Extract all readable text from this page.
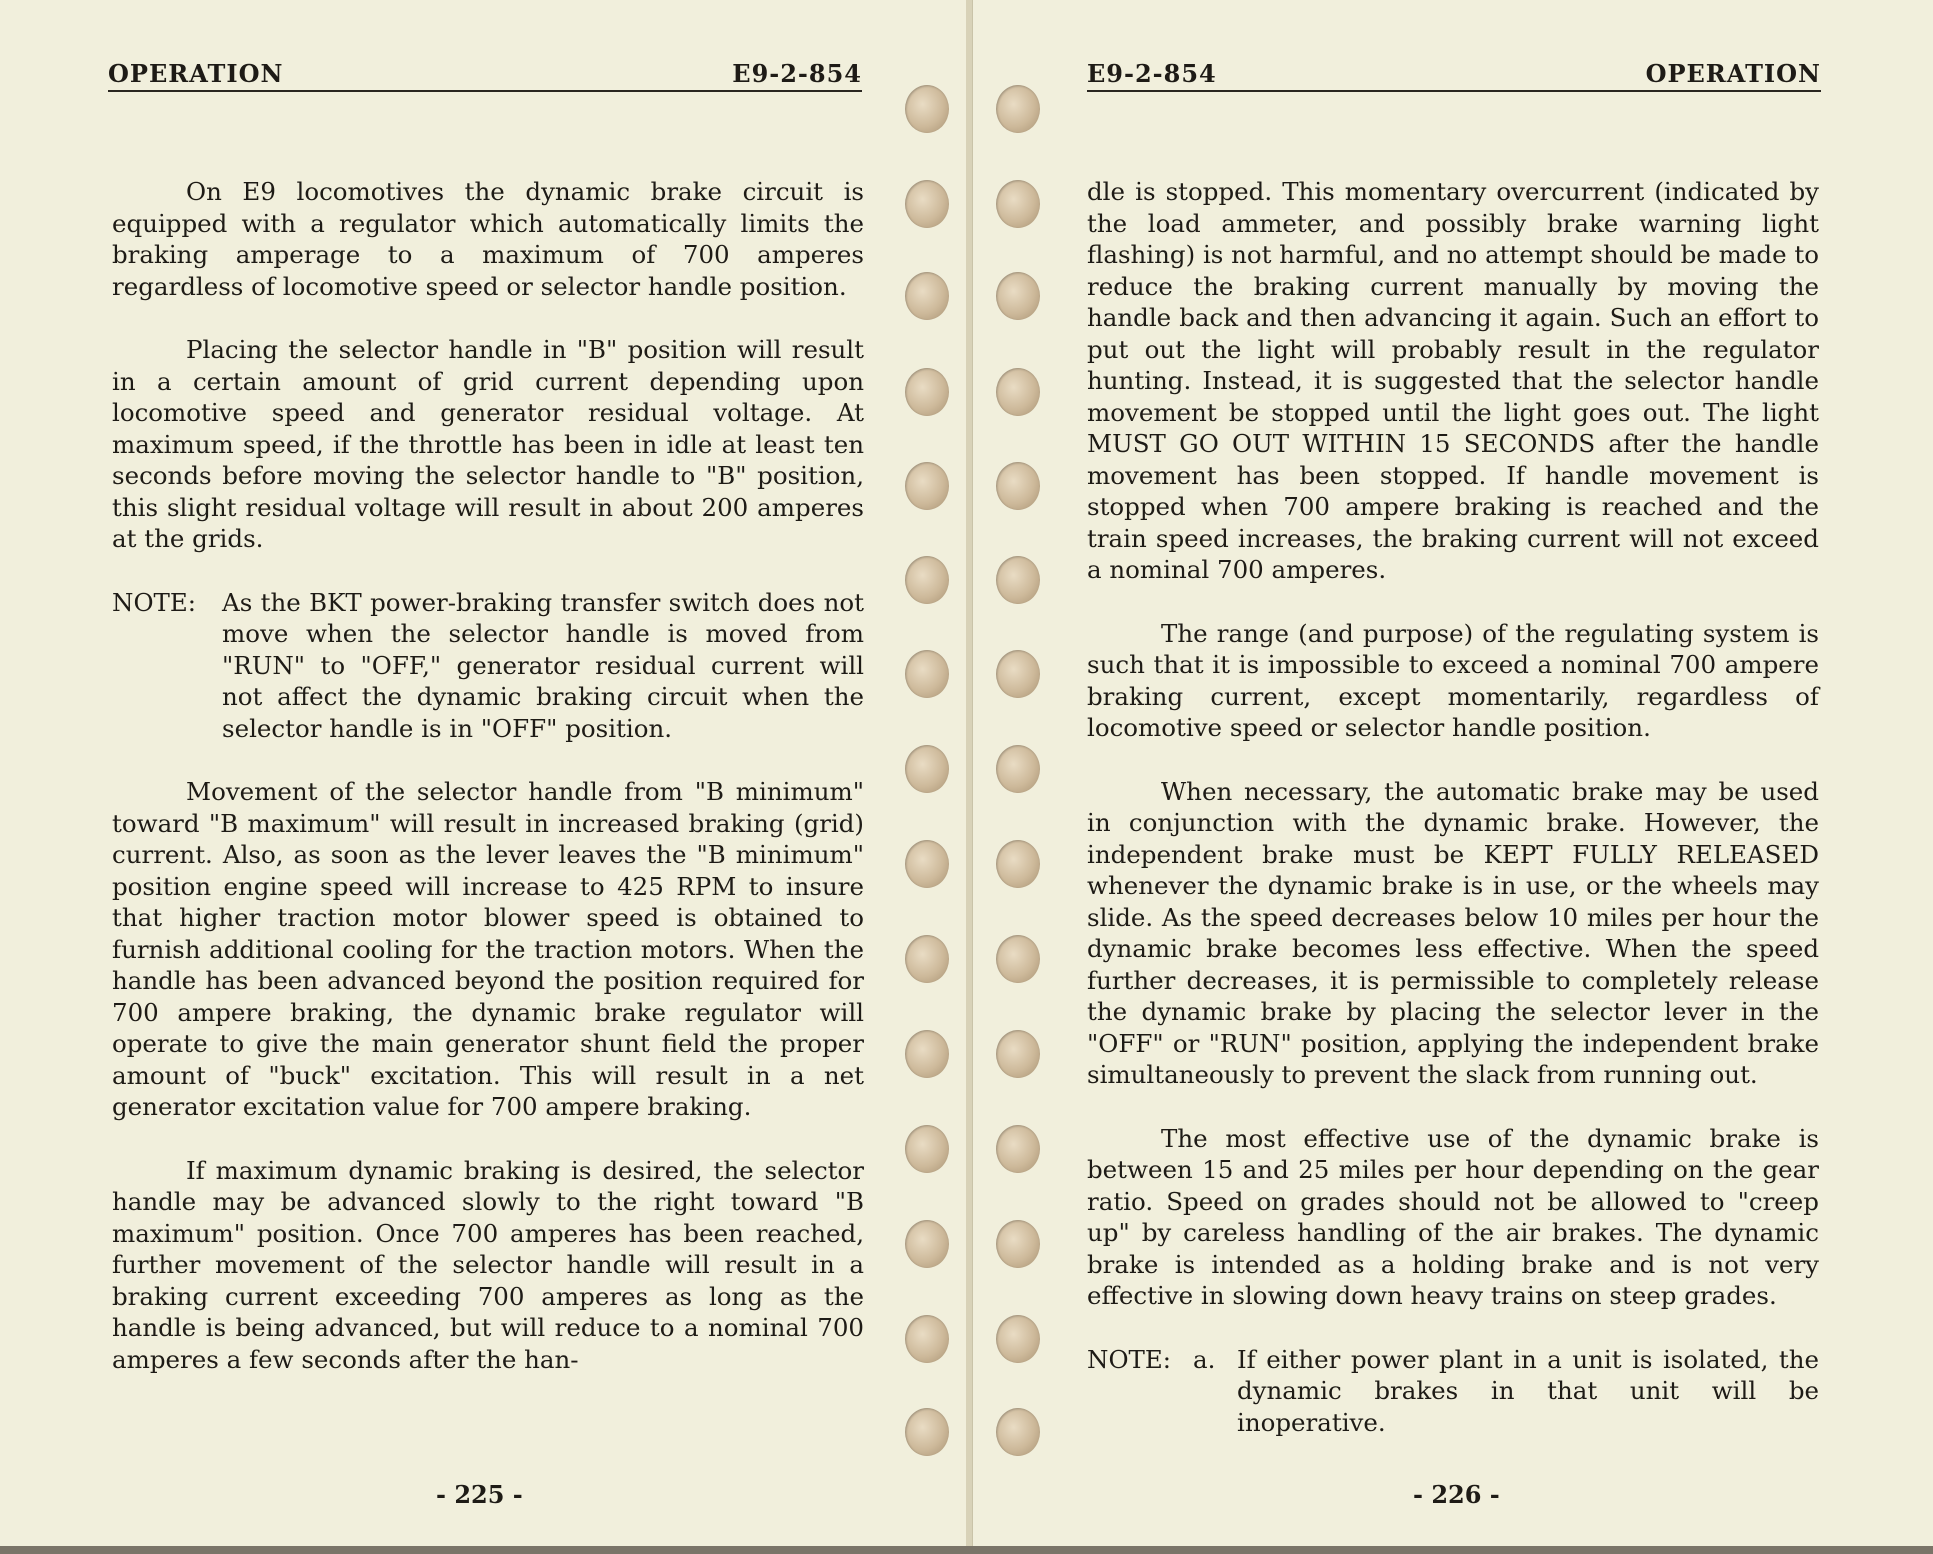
OPERATION	E9-2-854

On E9 locomotives the dynamic brake circuit is equipped with a regulator which automatically limits the braking amperage to a maximum of 700 amperes regardless of locomotive speed or selector handle position.

Placing the selector handle in "B" position will result in a certain amount of grid current depending upon locomotive speed and generator residual voltage. At maximum speed, if the throttle has been in idle at least ten seconds before moving the selector handle to "B" position, this slight residual voltage will result in about 200 amperes at the grids.

NOTE:	As the BKT power-braking transfer switch does not move when the selector handle is moved from "RUN" to "OFF," generator residual current will not affect the dynamic braking circuit when the selector handle is in "OFF" position.

Movement of the selector handle from "B minimum" toward "B maximum" will result in increased braking (grid) current. Also, as soon as the lever leaves the "B minimum" position engine speed will increase to 425 RPM to insure that higher traction motor blower speed is obtained to furnish additional cooling for the traction motors. When the handle has been advanced beyond the position required for 700 ampere braking, the dynamic brake regulator will operate to give the main generator shunt field the proper amount of "buck" excitation. This will result in a net generator excitation value for 700 ampere braking.

If maximum dynamic braking is desired, the selector handle may be advanced slowly to the right toward "B maximum" position. Once 700 amperes has been reached, further movement of the selector handle will result in a braking current exceeding 700 amperes as long as the handle is being advanced, but will reduce to a nominal 700 amperes a few seconds after the han-

- 225 -
E9-2-854	OPERATION

dle is stopped. This momentary overcurrent (indicated by the load ammeter, and possibly brake warning light flashing) is not harmful, and no attempt should be made to reduce the braking current manually by moving the handle back and then advancing it again. Such an effort to put out the light will probably result in the regulator hunting. Instead, it is suggested that the selector handle movement be stopped until the light goes out. The light MUST GO OUT WITHIN 15 SECONDS after the handle movement has been stopped. If handle movement is stopped when 700 ampere braking is reached and the train speed increases, the braking current will not exceed a nominal 700 amperes.

The range (and purpose) of the regulating system is such that it is impossible to exceed a nominal 700 ampere braking current, except momentarily, regardless of locomotive speed or selector handle position.

When necessary, the automatic brake may be used in conjunction with the dynamic brake. However, the independent brake must be KEPT FULLY RELEASED whenever the dynamic brake is in use, or the wheels may slide. As the speed decreases below 10 miles per hour the dynamic brake becomes less effective. When the speed further decreases, it is permissible to completely release the dynamic brake by placing the selector lever in the "OFF" or "RUN" position, applying the independent brake simultaneously to prevent the slack from running out.

The most effective use of the dynamic brake is between 15 and 25 miles per hour depending on the gear ratio. Speed on grades should not be allowed to "creep up" by careless handling of the air brakes. The dynamic brake is intended as a holding brake and is not very effective in slowing down heavy trains on steep grades.

NOTE: a. If either power plant in a unit is isolated, the dynamic brakes in that unit will be inoperative.
- 226 -
